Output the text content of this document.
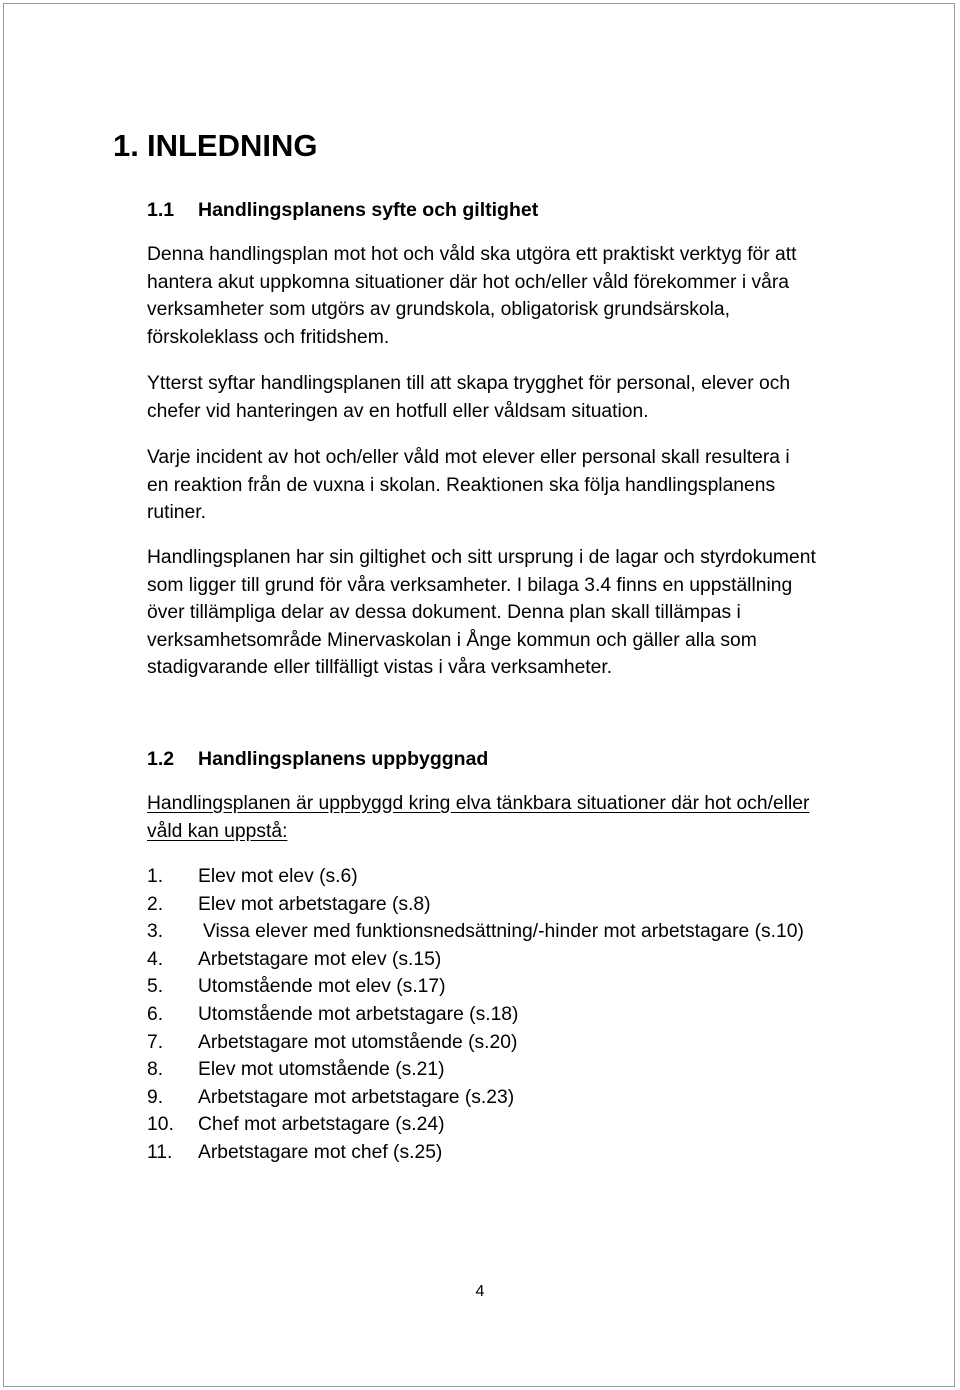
1. INLEDNING
1.1 Handlingsplanens syfte och giltighet

Denna handlingsplan mot hot och våld ska utgöra ett praktiskt verktyg för att
hantera akut uppkomna situationer där hot och/eller våld förekommer i våra
verksamheter som utgörs av grundskola, obligatorisk grundsärskola,
förskoleklass och fritidshem.

Ytterst syftar handlingsplanen till att skapa trygghet för personal, elever och
chefer vid hanteringen av en hotfull eller våldsam situation.

Varje incident av hot och/eller våld mot elever eller personal skall resultera i
en reaktion från de vuxna i skolan. Reaktionen ska följa handlingsplanens
rutiner.

Handlingsplanen har sin giltighet och sitt ursprung i de lagar och styrdokument
som ligger till grund för våra verksamheter. I bilaga 3.4 finns en uppställning
över tillämpliga delar av dessa dokument. Denna plan skall tillämpas i
verksamhetsområde Minervaskolan i Ånge kommun och gäller alla som
stadigvarande eller tillfälligt vistas i våra verksamheter.

1.2 Handlingsplanens uppbyggnad

Handlingsplanen är uppbyggd kring elva tänkbara situationer där hot och/eller
våld kan uppstå:

1. Elev mot elev (s.6)
2. Elev mot arbetstagare (s.8)
3. Vissa elever med funktionsnedsättning/-hinder mot arbetstagare (s.10)
4. Arbetstagare mot elev (s.15)
5. Utomstående mot elev (s.17)
6. Utomstående mot arbetstagare (s.18)
7. Arbetstagare mot utomstående (s.20)
8. Elev mot utomstående (s.21)
9. Arbetstagare mot arbetstagare (s.23)
10. Chef mot arbetstagare (s.24)
11. Arbetstagare mot chef (s.25)
4
